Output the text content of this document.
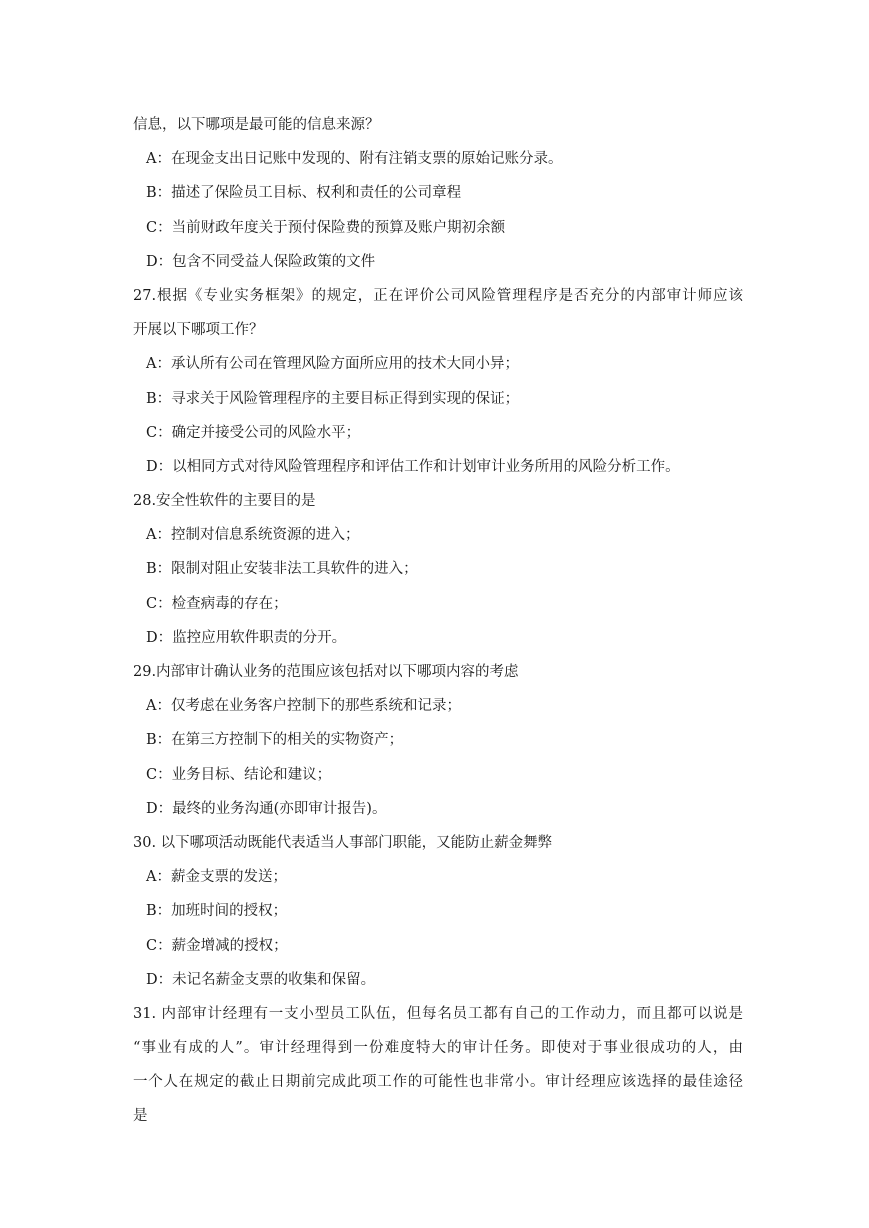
信息，以下哪项是最可能的信息来源？
A：在现金支出日记账中发现的、附有注销支票的原始记账分录。
B：描述了保险员工目标、权利和责任的公司章程
C：当前财政年度关于预付保险费的预算及账户期初余额
D：包含不同受益人保险政策的文件
27.根据《专业实务框架》的规定，正在评价公司风险管理程序是否充分的内部审计师应该
开展以下哪项工作？
A：承认所有公司在管理风险方面所应用的技术大同小异；
B：寻求关于风险管理程序的主要目标正得到实现的保证；
C：确定并接受公司的风险水平；
D：以相同方式对待风险管理程序和评估工作和计划审计业务所用的风险分析工作。
28.安全性软件的主要目的是
A：控制对信息系统资源的进入；
B：限制对阻止安装非法工具软件的进入；
C：检查病毒的存在；
D：监控应用软件职责的分开。
29.内部审计确认业务的范围应该包括对以下哪项内容的考虑
A：仅考虑在业务客户控制下的那些系统和记录；
B：在第三方控制下的相关的实物资产；
C：业务目标、结论和建议；
D：最终的业务沟通(亦即审计报告)。
30. 以下哪项活动既能代表适当人事部门职能，又能防止薪金舞弊
A：薪金支票的发送；
B：加班时间的授权；
C：薪金增减的授权；
D：未记名薪金支票的收集和保留。
31. 内部审计经理有一支小型员工队伍，但每名员工都有自己的工作动力，而且都可以说是
“事业有成的人”。审计经理得到一份难度特大的审计任务。即使对于事业很成功的人，由
一个人在规定的截止日期前完成此项工作的可能性也非常小。审计经理应该选择的最佳途径
是
